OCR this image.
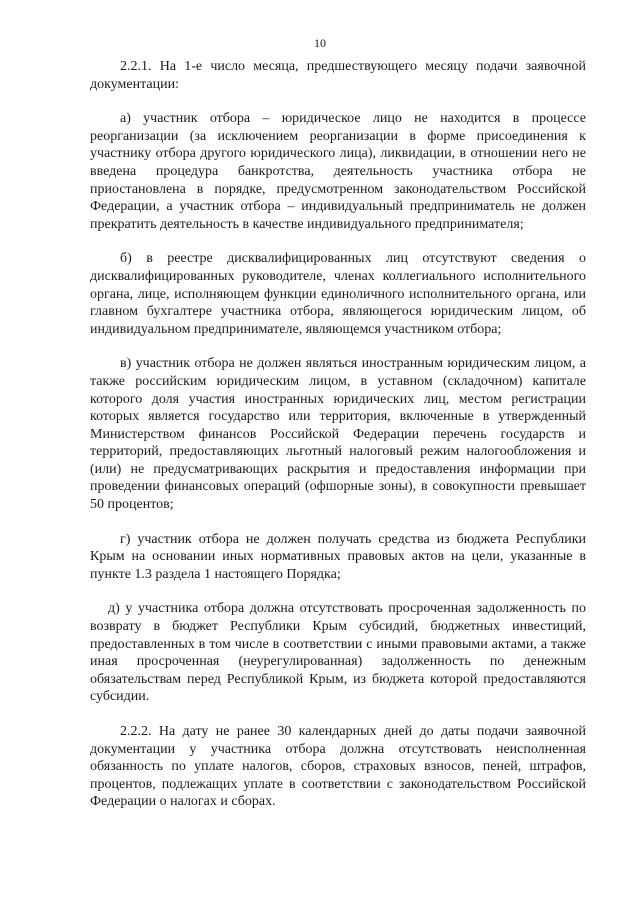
10

2.2.1. На 1-е число месяца, предшествующего месяцу подачи заявочной документации:

а) участник отбора – юридическое лицо не находится в процессе реорганизации (за исключением реорганизации в форме присоединения к участнику отбора другого юридического лица), ликвидации, в отношении него не введена процедура банкротства, деятельность участника отбора не приостановлена в порядке, предусмотренном законодательством Российской Федерации, а участник отбора – индивидуальный предприниматель не должен прекратить деятельность в качестве индивидуального предпринимателя;

б) в реестре дисквалифицированных лиц отсутствуют сведения о дисквалифицированных руководителе, членах коллегиального исполнительного органа, лице, исполняющем функции единоличного исполнительного органа, или главном бухгалтере участника отбора, являющегося юридическим лицом, об индивидуальном предпринимателе, являющемся участником отбора;

в) участник отбора не должен являться иностранным юридическим лицом, а также российским юридическим лицом, в уставном (складочном) капитале которого доля участия иностранных юридических лиц, местом регистрации которых является государство или территория, включенные в утвержденный Министерством финансов Российской Федерации перечень государств и территорий, предоставляющих льготный налоговый режим налогообложения и (или) не предусматривающих раскрытия и предоставления информации при проведении финансовых операций (офшорные зоны), в совокупности превышает 50 процентов;

г) участник отбора не должен получать средства из бюджета Республики Крым на основании иных нормативных правовых актов на цели, указанные в пункте 1.3 раздела 1 настоящего Порядка;

д) у участника отбора должна отсутствовать просроченная задолженность по возврату в бюджет Республики Крым субсидий, бюджетных инвестиций, предоставленных в том числе в соответствии с иными правовыми актами, а также иная просроченная (неурегулированная) задолженность по денежным обязательствам перед Республикой Крым, из бюджета которой предоставляются субсидии.

2.2.2. На дату не ранее 30 календарных дней до даты подачи заявочной документации у участника отбора должна отсутствовать неисполненная обязанность по уплате налогов, сборов, страховых взносов, пеней, штрафов, процентов, подлежащих уплате в соответствии с законодательством Российской Федерации о налогах и сборах.
